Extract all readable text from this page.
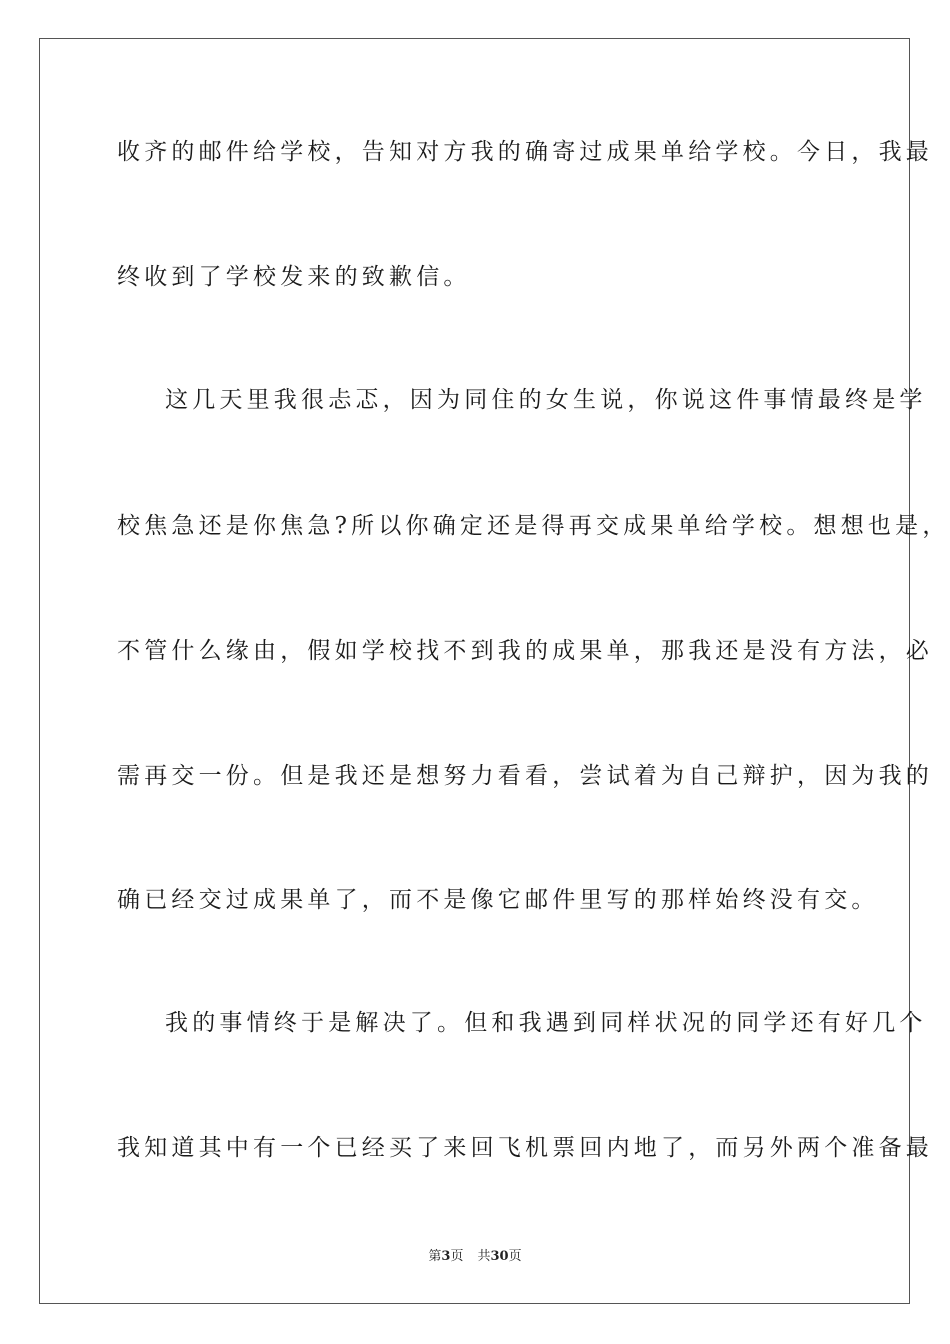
收齐的邮件给学校，告知对方我的确寄过成果单给学校。今日，我最
终收到了学校发来的致歉信。
这几天里我很忐忑，因为同住的女生说，你说这件事情最终是学
校焦急还是你焦急?所以你确定还是得再交成果单给学校。想想也是，
不管什么缘由，假如学校找不到我的成果单，那我还是没有方法，必
需再交一份。但是我还是想努力看看，尝试着为自己辩护，因为我的
确已经交过成果单了，而不是像它邮件里写的那样始终没有交。
我的事情终于是解决了。但和我遇到同样状况的同学还有好几个
我知道其中有一个已经买了来回飞机票回内地了，而另外两个准备最
第3页 共30页
